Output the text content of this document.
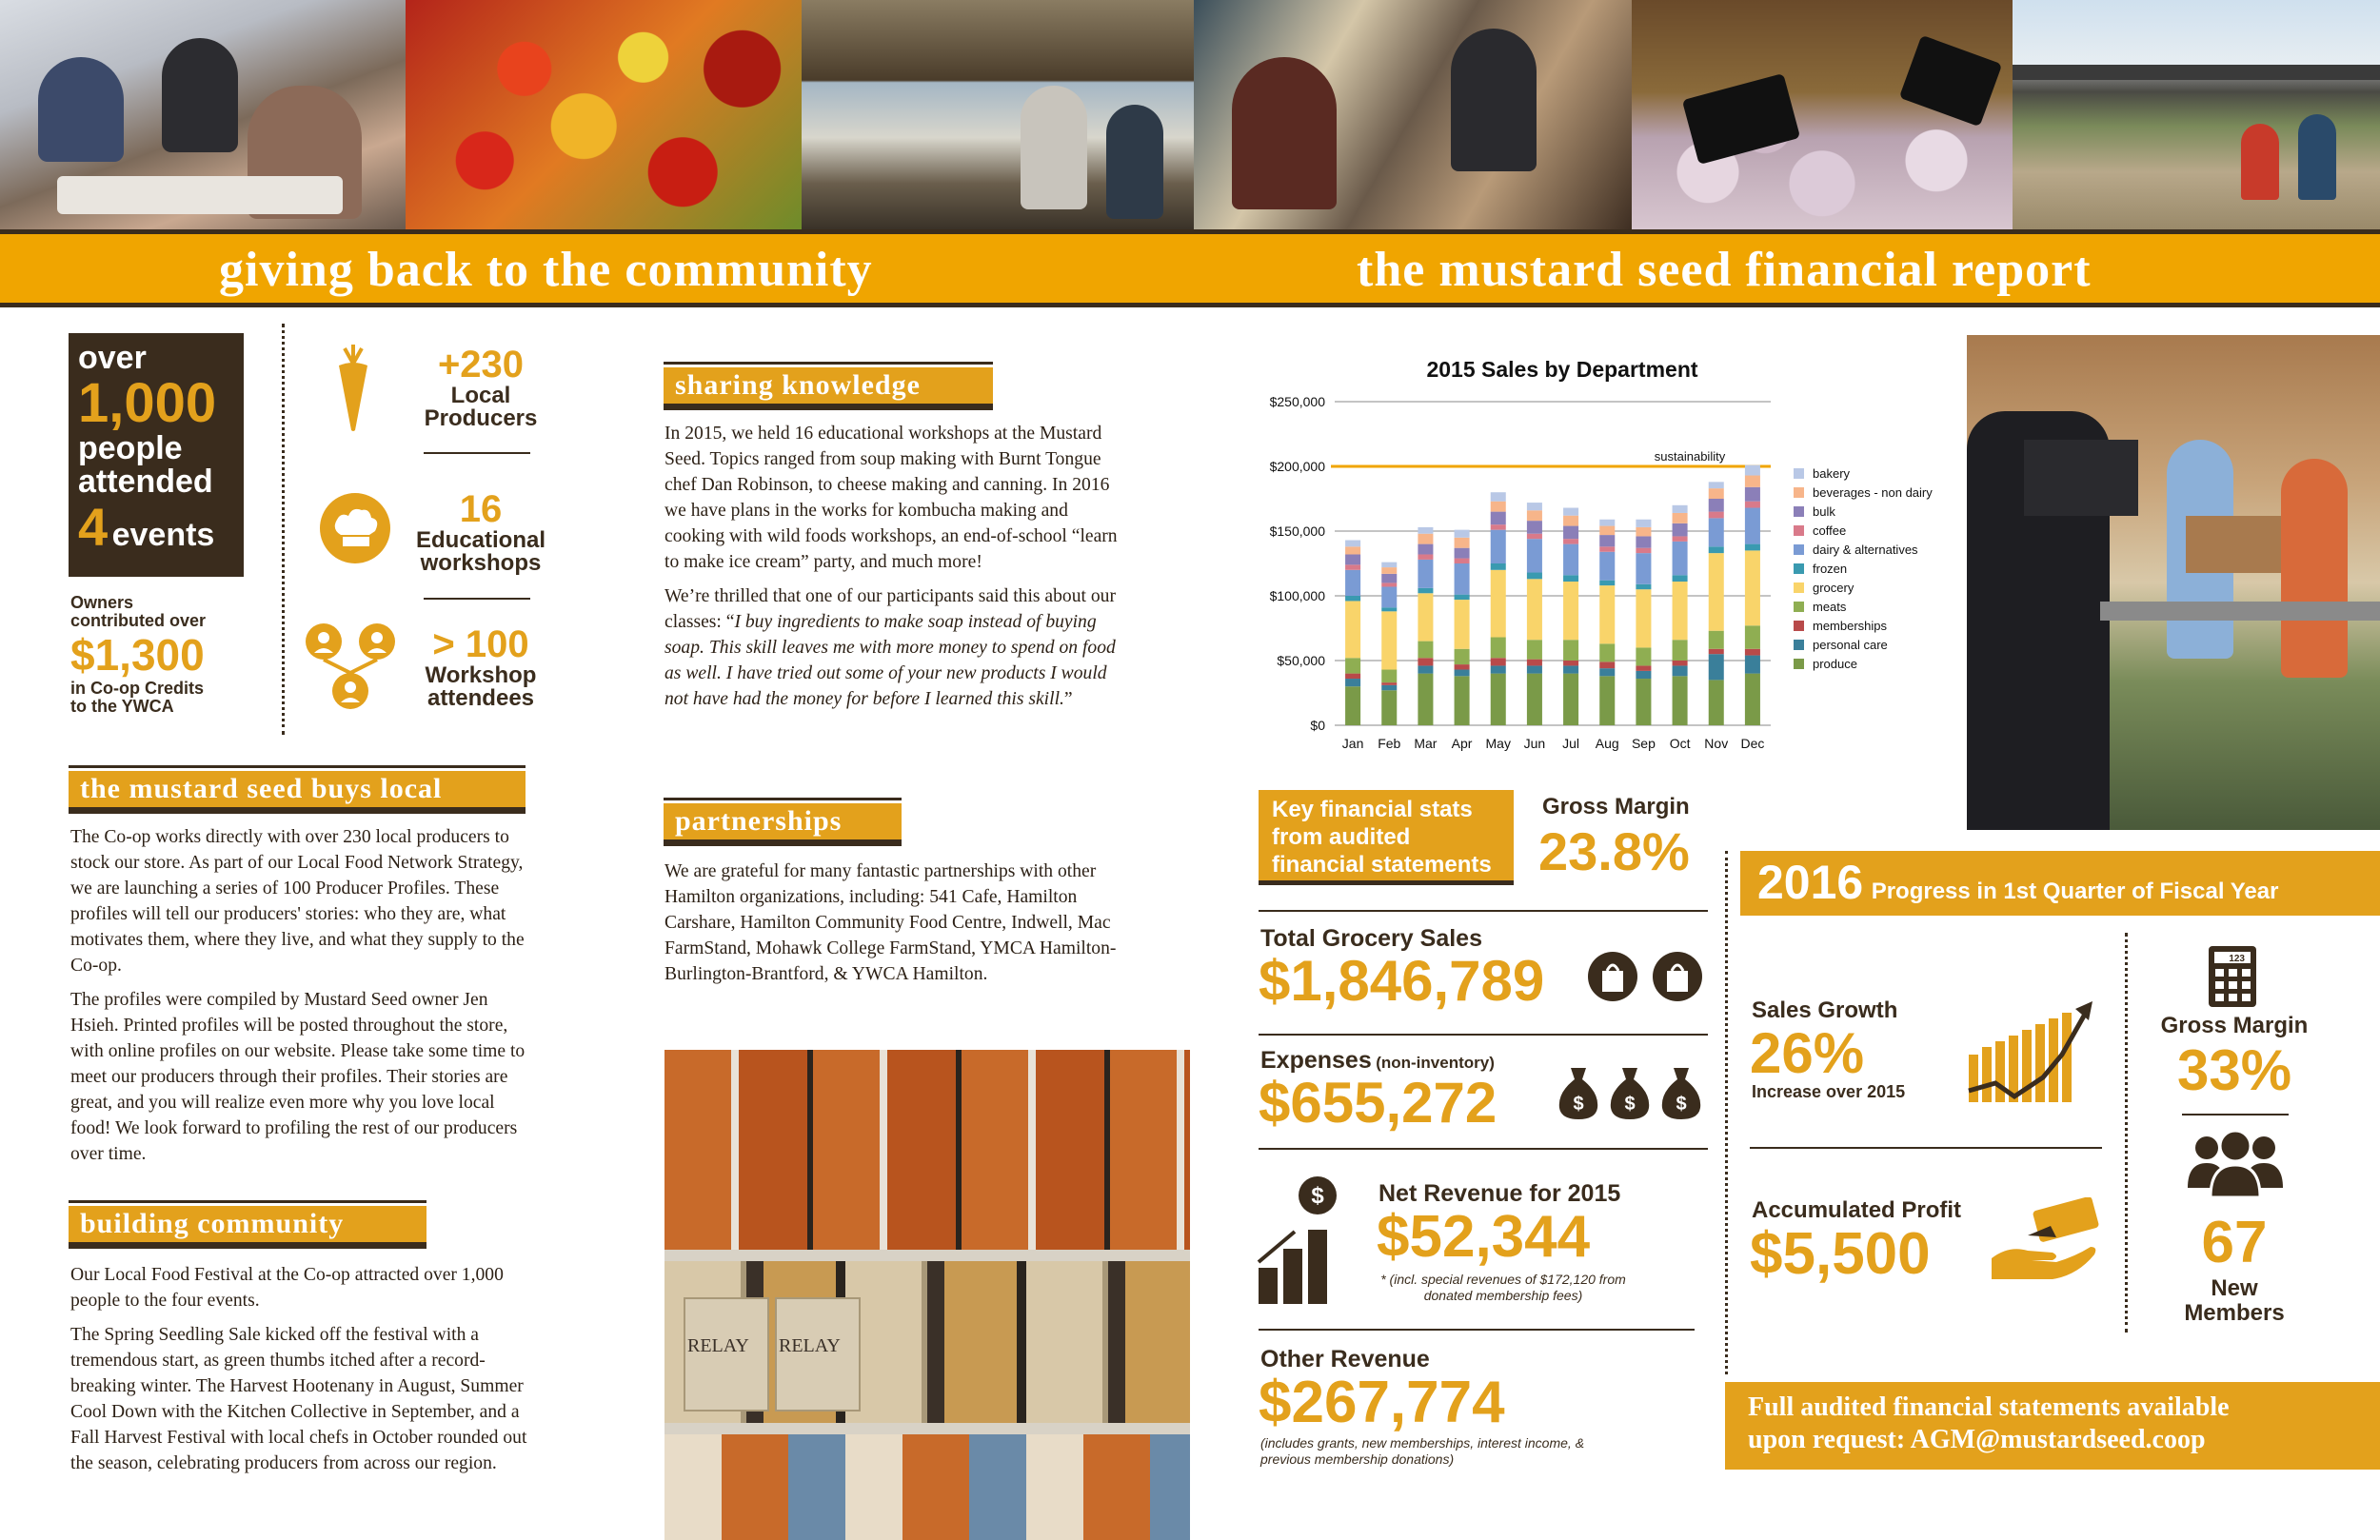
giving back to the community	the mustard seed financial report
over
1,000
people
attended
4 events
Owners
contributed over
$1,300
in Co-op Credits
to the YWCA
+230
Local
Producers
16
Educational
workshops
> 100
Workshop
attendees
the mustard seed buys local

The Co-op works directly with over 230 local producers to stock our store. As part of our Local Food Network Strategy, we are launching a series of 100 Producer Profiles. These profiles will tell our producers' stories: who they are, what motivates them, where they live, and what they supply to the Co-op.

The profiles were compiled by Mustard Seed owner Jen Hsieh. Printed profiles will be posted throughout the store, with online profiles on our website. Please take some time to meet our producers through their profiles. Their stories are great, and you will realize even more why you love local food! We look forward to profiling the rest of our producers over time.

building community

Our Local Food Festival at the Co-op attracted over 1,000 people to the four events.

The Spring Seedling Sale kicked off the festival with a tremendous start, as green thumbs itched after a record-breaking winter. The Harvest Hootenany in August, Summer Cool Down with the Kitchen Collective in September, and a Fall Harvest Festival with local chefs in October rounded out the season, celebrating producers from across our region.

sharing knowledge

In 2015, we held 16 educational workshops at the Mustard Seed. Topics ranged from soup making with Burnt Tongue chef Dan Robinson, to cheese making and canning. In 2016 we have plans in the works for kombucha making and cooking with wild foods workshops, an end-of-school “learn to make ice cream” party, and much more!

We’re thrilled that one of our participants said this about our classes: “I buy ingredients to make soap instead of buying soap. This skill leaves me with more money to spend on food as well. I have tried out some of your new products I would not have had the money for before I learned this skill.”

partnerships

We are grateful for many fantastic partnerships with other Hamilton organizations, including: 541 Cafe, Hamilton Carshare, Hamilton Community Food Centre, Indwell, Mac FarmStand, Mohawk College FarmStand, YMCA Hamilton-Burlington-Brantford, & YWCA Hamilton.

RELAY RELAY
2015 Sales by Department
$0
$50,000
$100,000
$150,000
$200,000
$250,000
sustainability
Jan Feb Mar Apr May Jun Jul Aug Sep Oct Nov Dec
bakery
beverages - non dairy
bulk
coffee
dairy & alternatives
frozen
grocery
meats
memberships
personal care
produce
Key financial stats from audited financial statements
Gross Margin
23.8%
Total Grocery Sales
$1,846,789
Expenses (non-inventory)
$655,272	$ $ $
$ Net Revenue for 2015
$52,344
* (incl. special revenues of $172,120 from donated membership fees)
Other Revenue
$267,774
(includes grants, new memberships, interest income, & previous membership donations)
2016 Progress in 1st Quarter of Fiscal Year
Sales Growth
26%
Increase over 2015
Accumulated Profit
$5,500
123
Gross Margin
33%
67
New
Members
Full audited financial statements available
upon request: AGM@mustardseed.coop
